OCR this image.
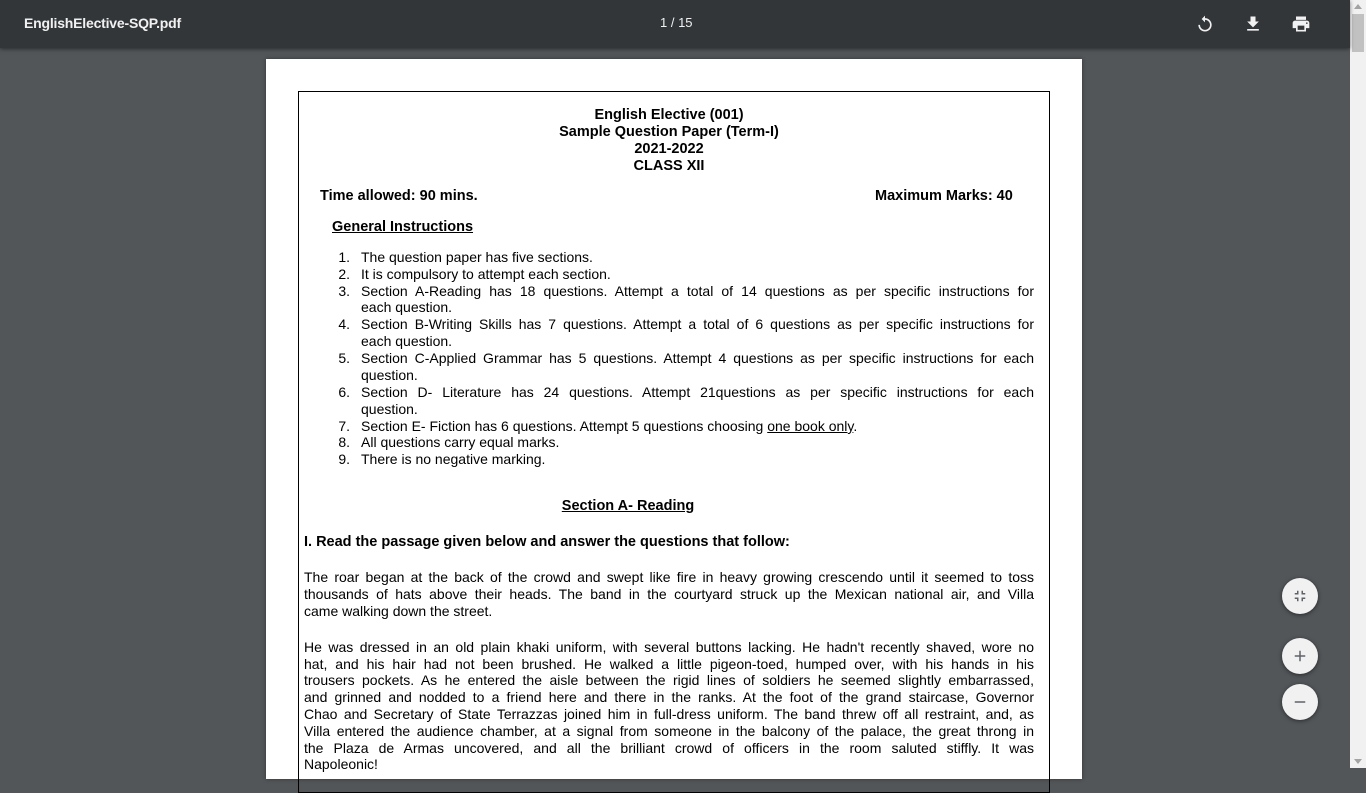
EnglishElective-SQP.pdf	1 / 15
English Elective (001)
Sample Question Paper (Term-I)
2021-2022
CLASS XII
Time allowed: 90 mins.	Maximum Marks: 40
General Instructions
1. The question paper has five sections.
2. It is compulsory to attempt each section.
3. Section A-Reading has 18 questions. Attempt a total of 14 questions as per specific instructions for
each question.
4. Section B-Writing Skills has 7 questions. Attempt a total of 6 questions as per specific instructions for
each question.
5. Section C-Applied Grammar has 5 questions. Attempt 4 questions as per specific instructions for each
question.
6. Section D- Literature has 24 questions. Attempt 21questions as per specific instructions for each
question.
7. Section E- Fiction has 6 questions. Attempt 5 questions choosing one book only.
8. All questions carry equal marks.
9. There is no negative marking.
Section A- Reading
I. Read the passage given below and answer the questions that follow:
The roar began at the back of the crowd and swept like fire in heavy growing crescendo until it seemed to toss
thousands of hats above their heads. The band in the courtyard struck up the Mexican national air, and Villa
came walking down the street.
He was dressed in an old plain khaki uniform, with several buttons lacking. He hadn't recently shaved, wore no
hat, and his hair had not been brushed. He walked a little pigeon-toed, humped over, with his hands in his
trousers pockets. As he entered the aisle between the rigid lines of soldiers he seemed slightly embarrassed,
and grinned and nodded to a friend here and there in the ranks. At the foot of the grand staircase, Governor
Chao and Secretary of State Terrazzas joined him in full-dress uniform. The band threw off all restraint, and, as
Villa entered the audience chamber, at a signal from someone in the balcony of the palace, the great throng in
the Plaza de Armas uncovered, and all the brilliant crowd of officers in the room saluted stiffly. It was
Napoleonic!
